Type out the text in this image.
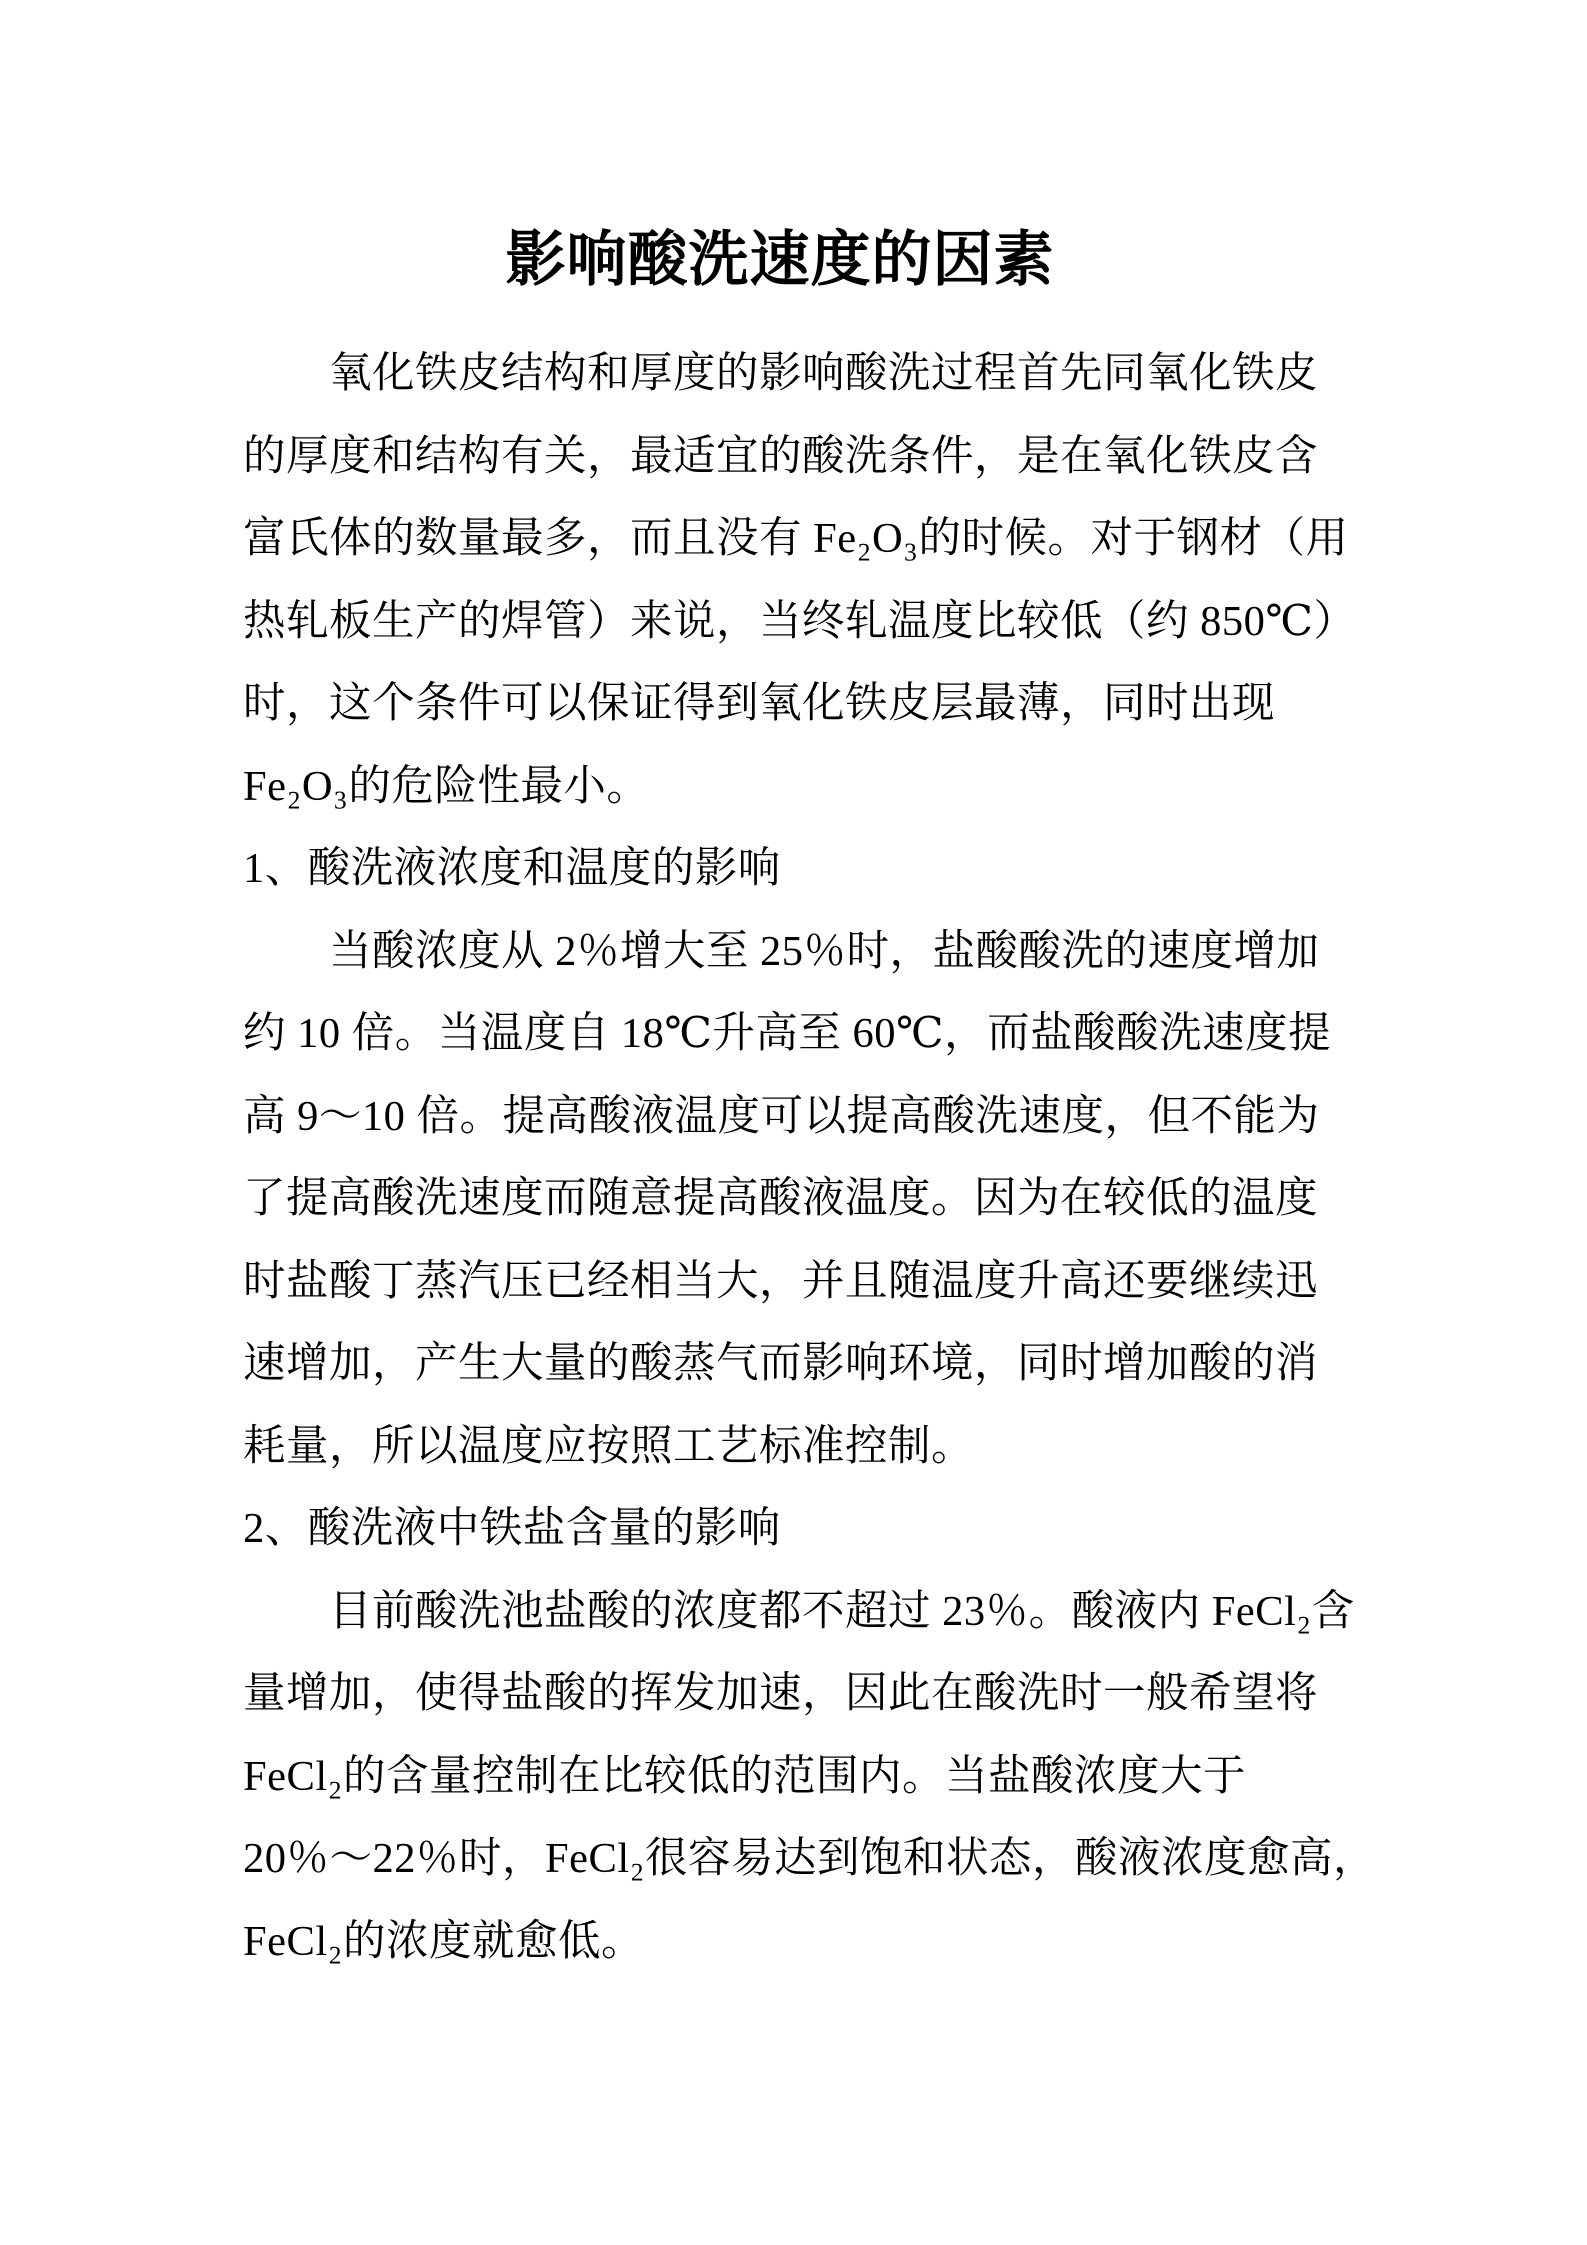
影响酸洗速度的因素
氧化铁皮结构和厚度的影响酸洗过程首先同氧化铁皮
的厚度和结构有关，最适宜的酸洗条件，是在氧化铁皮含
富氏体的数量最多，而且没有 Fe₂O₃的时候。对于钢材（用
热轧板生产的焊管）来说，当终轧温度比较低（约 850℃）
时，这个条件可以保证得到氧化铁皮层最薄，同时出现
Fe₂O₃的危险性最小。
1、酸洗液浓度和温度的影响
当酸浓度从 2％增大至 25％时，盐酸酸洗的速度增加
约 10 倍。当温度自 18℃升高至 60℃，而盐酸酸洗速度提
高 9～10 倍。提高酸液温度可以提高酸洗速度，但不能为
了提高酸洗速度而随意提高酸液温度。因为在较低的温度
时盐酸丁蒸汽压已经相当大，并且随温度升高还要继续迅
速增加，产生大量的酸蒸气而影响环境，同时增加酸的消
耗量，所以温度应按照工艺标准控制。
2、酸洗液中铁盐含量的影响
目前酸洗池盐酸的浓度都不超过 23％。酸液内 FeCl₂含
量增加，使得盐酸的挥发加速，因此在酸洗时一般希望将
FeCl₂的含量控制在比较低的范围内。当盐酸浓度大于
20％～22％时，FeCl₂很容易达到饱和状态，酸液浓度愈高，
FeCl₂的浓度就愈低。
